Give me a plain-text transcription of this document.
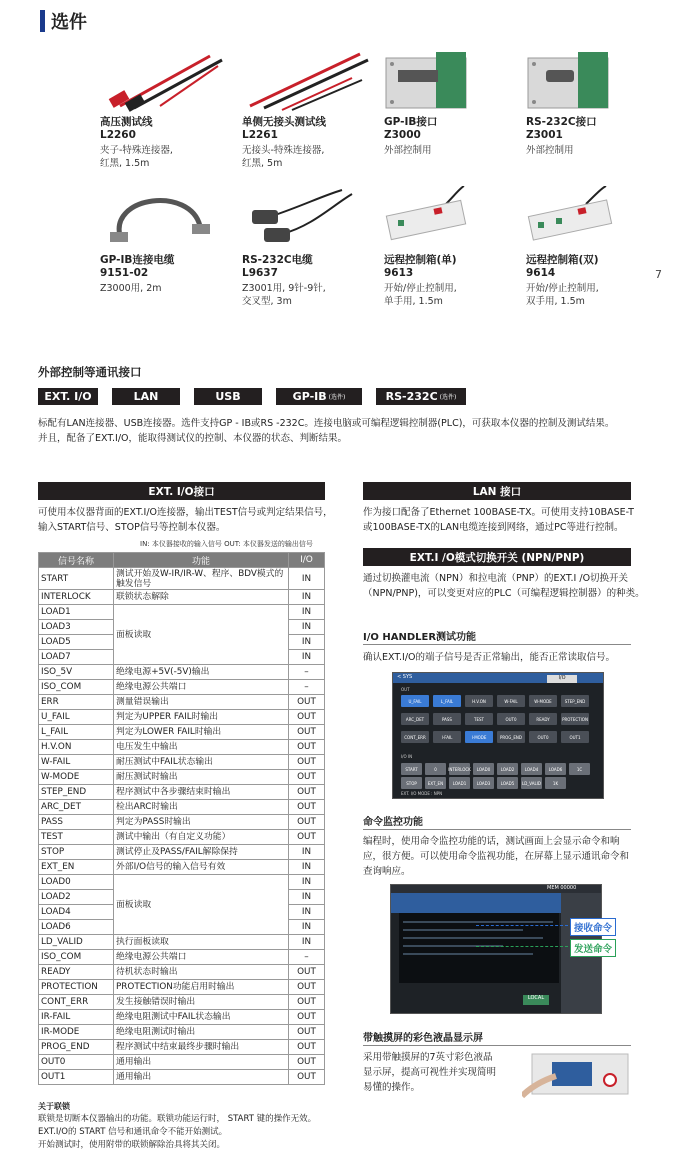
选件
7
高压测试线
L2260
夹子-特殊连接器,
红黑, 1.5m
单侧无接头测试线
L2261
无接头-特殊连接器,
红黑, 5m
GP-IB接口
Z3000
外部控制用
RS-232C接口
Z3001
外部控制用
GP-IB连接电缆
9151-02
Z3000用, 2m
RS-232C电缆
L9637
Z3001用, 9针-9针,
交叉型, 3m
远程控制箱(单)
9613
开始/停止控制用,
单手用, 1.5m
远程控制箱(双)
9614
开始/停止控制用,
双手用, 1.5m
外部控制等通讯接口
EXT. I/O	LAN	USB	GP-IB (选件)	RS-232C (选件)
标配有LAN连接器、USB连接器。选件支持GP - IB或RS -232C。连接电脑或可编程逻辑控制器(PLC)，可获取本仪器的控制及测试结果。
并且，配备了EXT.I/O，能取得测试仪的控制、本仪器的状态、判断结果。
EXT. I/O接口
可使用本仪器背面的EXT.I/O连接器，输出TEST信号或判定结果信号，
输入START信号、STOP信号等控制本仪器。
IN: 本仪器接收的输入信号 OUT: 本仪器发送的输出信号
信号名称	功能	I/O
START	测试开始及W-IR/IR-W、程序、BDV模式的触发信号	IN
INTERLOCK	联锁状态解除	IN
LOAD1	面板读取	IN
LOAD3		IN
LOAD5		IN
LOAD7		IN
ISO_5V	绝缘电源+5V(-5V)输出	–
ISO_COM	绝缘电源公共端口	–
ERR	测量错误输出	OUT
U_FAIL	判定为UPPER FAIL时输出	OUT
L_FAIL	判定为LOWER FAIL时输出	OUT
H.V.ON	电压发生中输出	OUT
W-FAIL	耐压测试中FAIL状态输出	OUT
W-MODE	耐压测试时输出	OUT
STEP_END	程序测试中各步骤结束时输出	OUT
ARC_DET	检出ARC时输出	OUT
PASS	判定为PASS时输出	OUT
TEST	测试中输出（有自定义功能）	OUT
STOP	测试停止及PASS/FAIL解除保持	IN
EXT_EN	外部I/O信号的输入信号有效	IN
LOAD0	面板读取	IN
LOAD2		IN
LOAD4		IN
LOAD6		IN
LD_VALID	执行面板读取	IN
ISO_COM	绝缘电源公共端口	–
READY	待机状态时输出	OUT
PROTECTION	PROTECTION功能启用时输出	OUT
CONT_ERR	发生接触错误时输出	OUT
IR-FAIL	绝缘电阻测试中FAIL状态输出	OUT
IR-MODE	绝缘电阻测试时输出	OUT
PROG_END	程序测试中结束最终步骤时输出	OUT
OUT0	通用输出	OUT
OUT1	通用输出	OUT
LAN 接口
作为接口配备了Ethernet 100BASE-TX。可使用支持10BASE-T
或100BASE-TX的LAN电缆连接到网络，通过PC等进行控制。
EXT.I /O模式切换开关 (NPN/PNP)
通过切换灌电流（NPN）和拉电流（PNP）的EXT.I /O切换开关
（NPN/PNP)，可以变更对应的PLC（可编程逻辑控制器）的种类。
I/O HANDLER测试功能
确认EXT.I/O的端子信号是否正常输出，能否正常读取信号。
< SYS	I/O
OUT
U_FAIL	L_FAIL	H.V.ON	W-FAIL	W-MODE	STEP_END
ARC_DET	PASS	TEST	OUT0	READY	PROTECTION
CONT_ERR	I-FAIL	I-MODE	PROG_END	OUT0	OUT1
I/O IN
START	0	INTERLOCK	LOAD0	LOAD2	LOAD4	LOAD6	1C
STOP	EXT_EN	LOAD1	LOAD3	LOAD5	LD_VALID	1K
EXT. I/O MODE : NPN
命令监控功能
编程时，使用命令监控功能的话，测试画面上会显示命令和响
应，很方便。可以使用命令监视功能，在屏幕上显示通讯命令和
查询响应。
MEM 00000
LOCAL
接收命令
发送命令
带触摸屏的彩色液晶显示屏
采用带触摸屏的7英寸彩色液晶
显示屏，提高可视性并实现简明
易懂的操作。
关于联锁
联锁是切断本仪器输出的功能。联锁功能运行时， START 键的操作无效。
EXT.I/O的 START 信号和通讯命令不能开始测试。
开始测试时，使用附带的联锁解除治具将其关闭。
